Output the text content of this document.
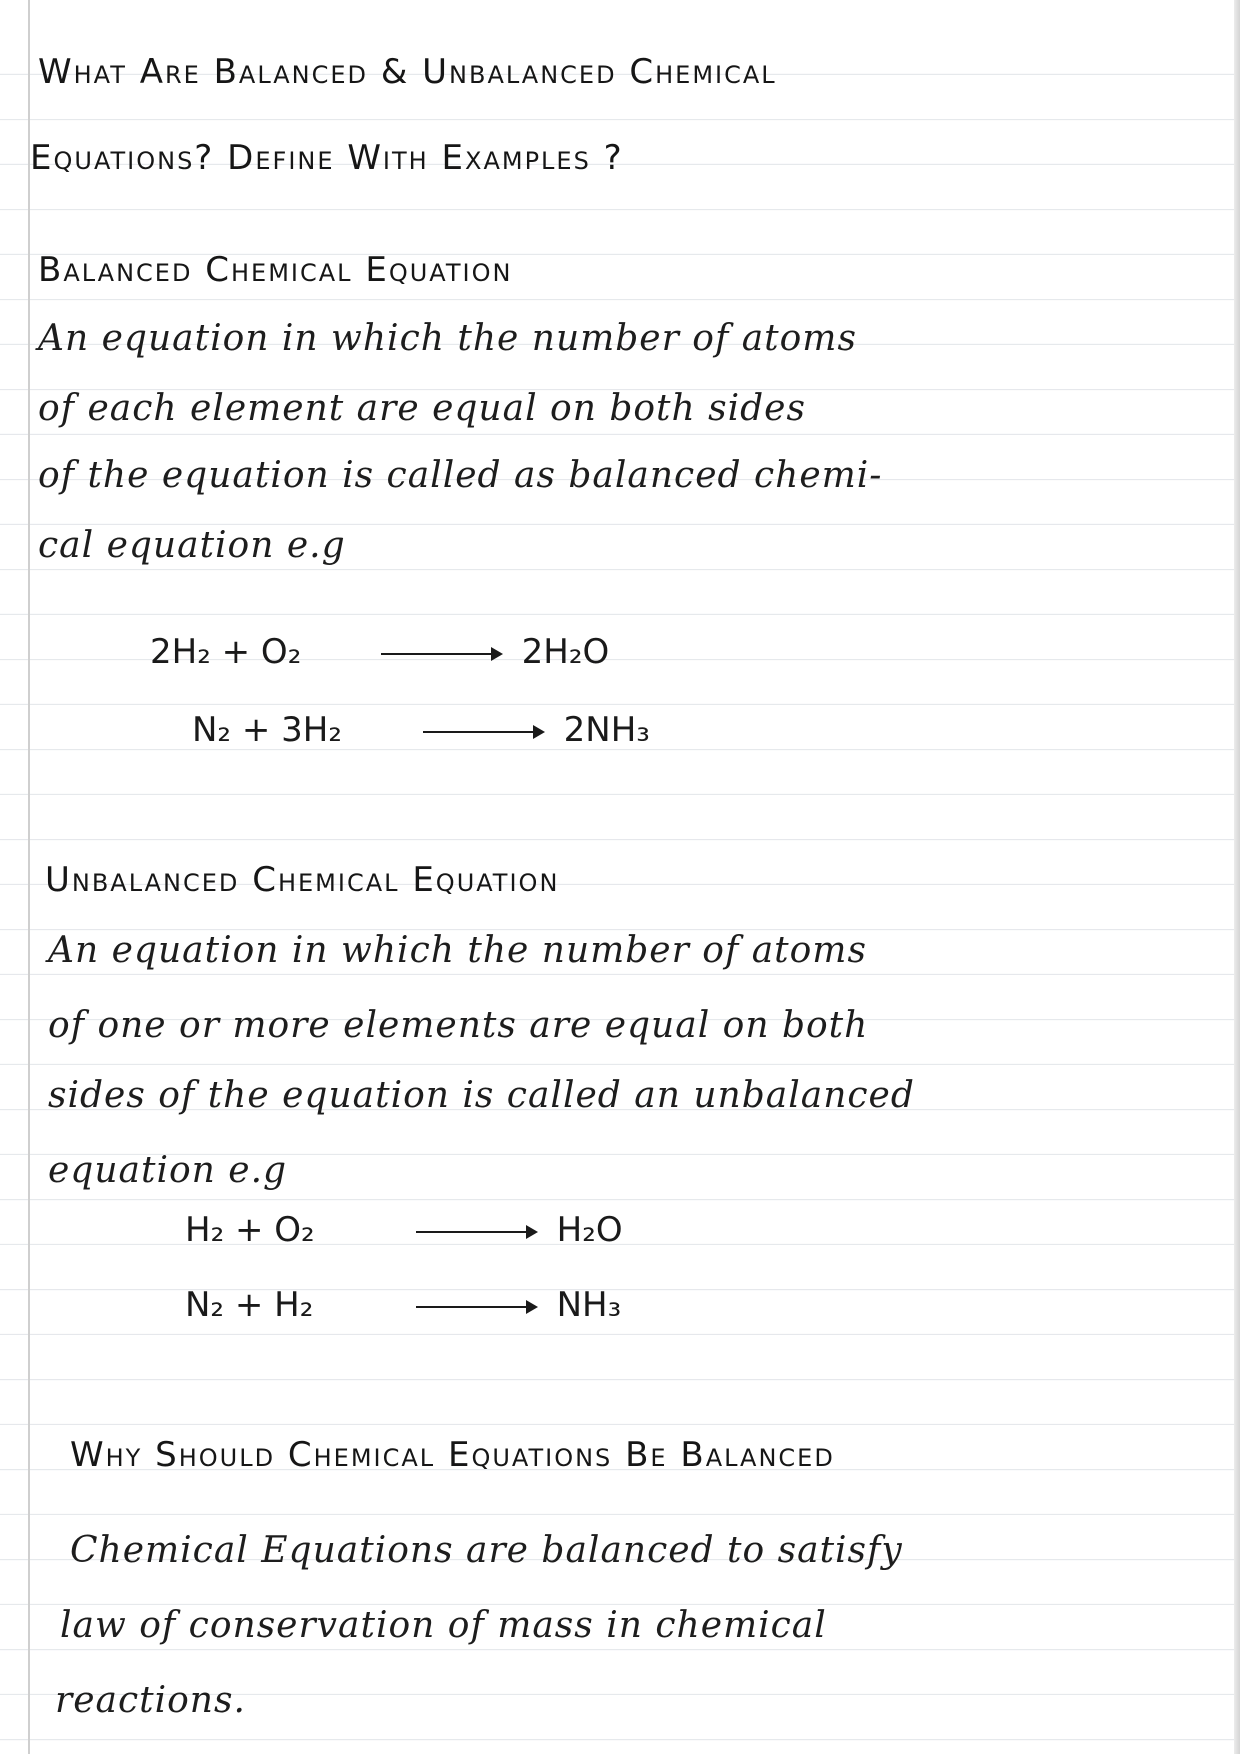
What Are Balanced & Unbalanced Chemical
Equations? Define With Examples ?
Balanced Chemical Equation
An equation in which the number of atoms
of each element are equal on both sides
of the equation is called as balanced chemi-
cal equation e.g
2H₂ + O₂ → 2H₂O
N₂ + 3H₂ → 2NH₃
Unbalanced Chemical Equation
An equation in which the number of atoms
of one or more elements are equal on both
sides of the equation is called an unbalanced
equation e.g
H₂ + O₂	→ H₂O
N₂ + H₂	→ NH₃
Why Should Chemical Equations Be Balanced
Chemical Equations are balanced to satisfy
law of conservation of mass in chemical
reactions.
